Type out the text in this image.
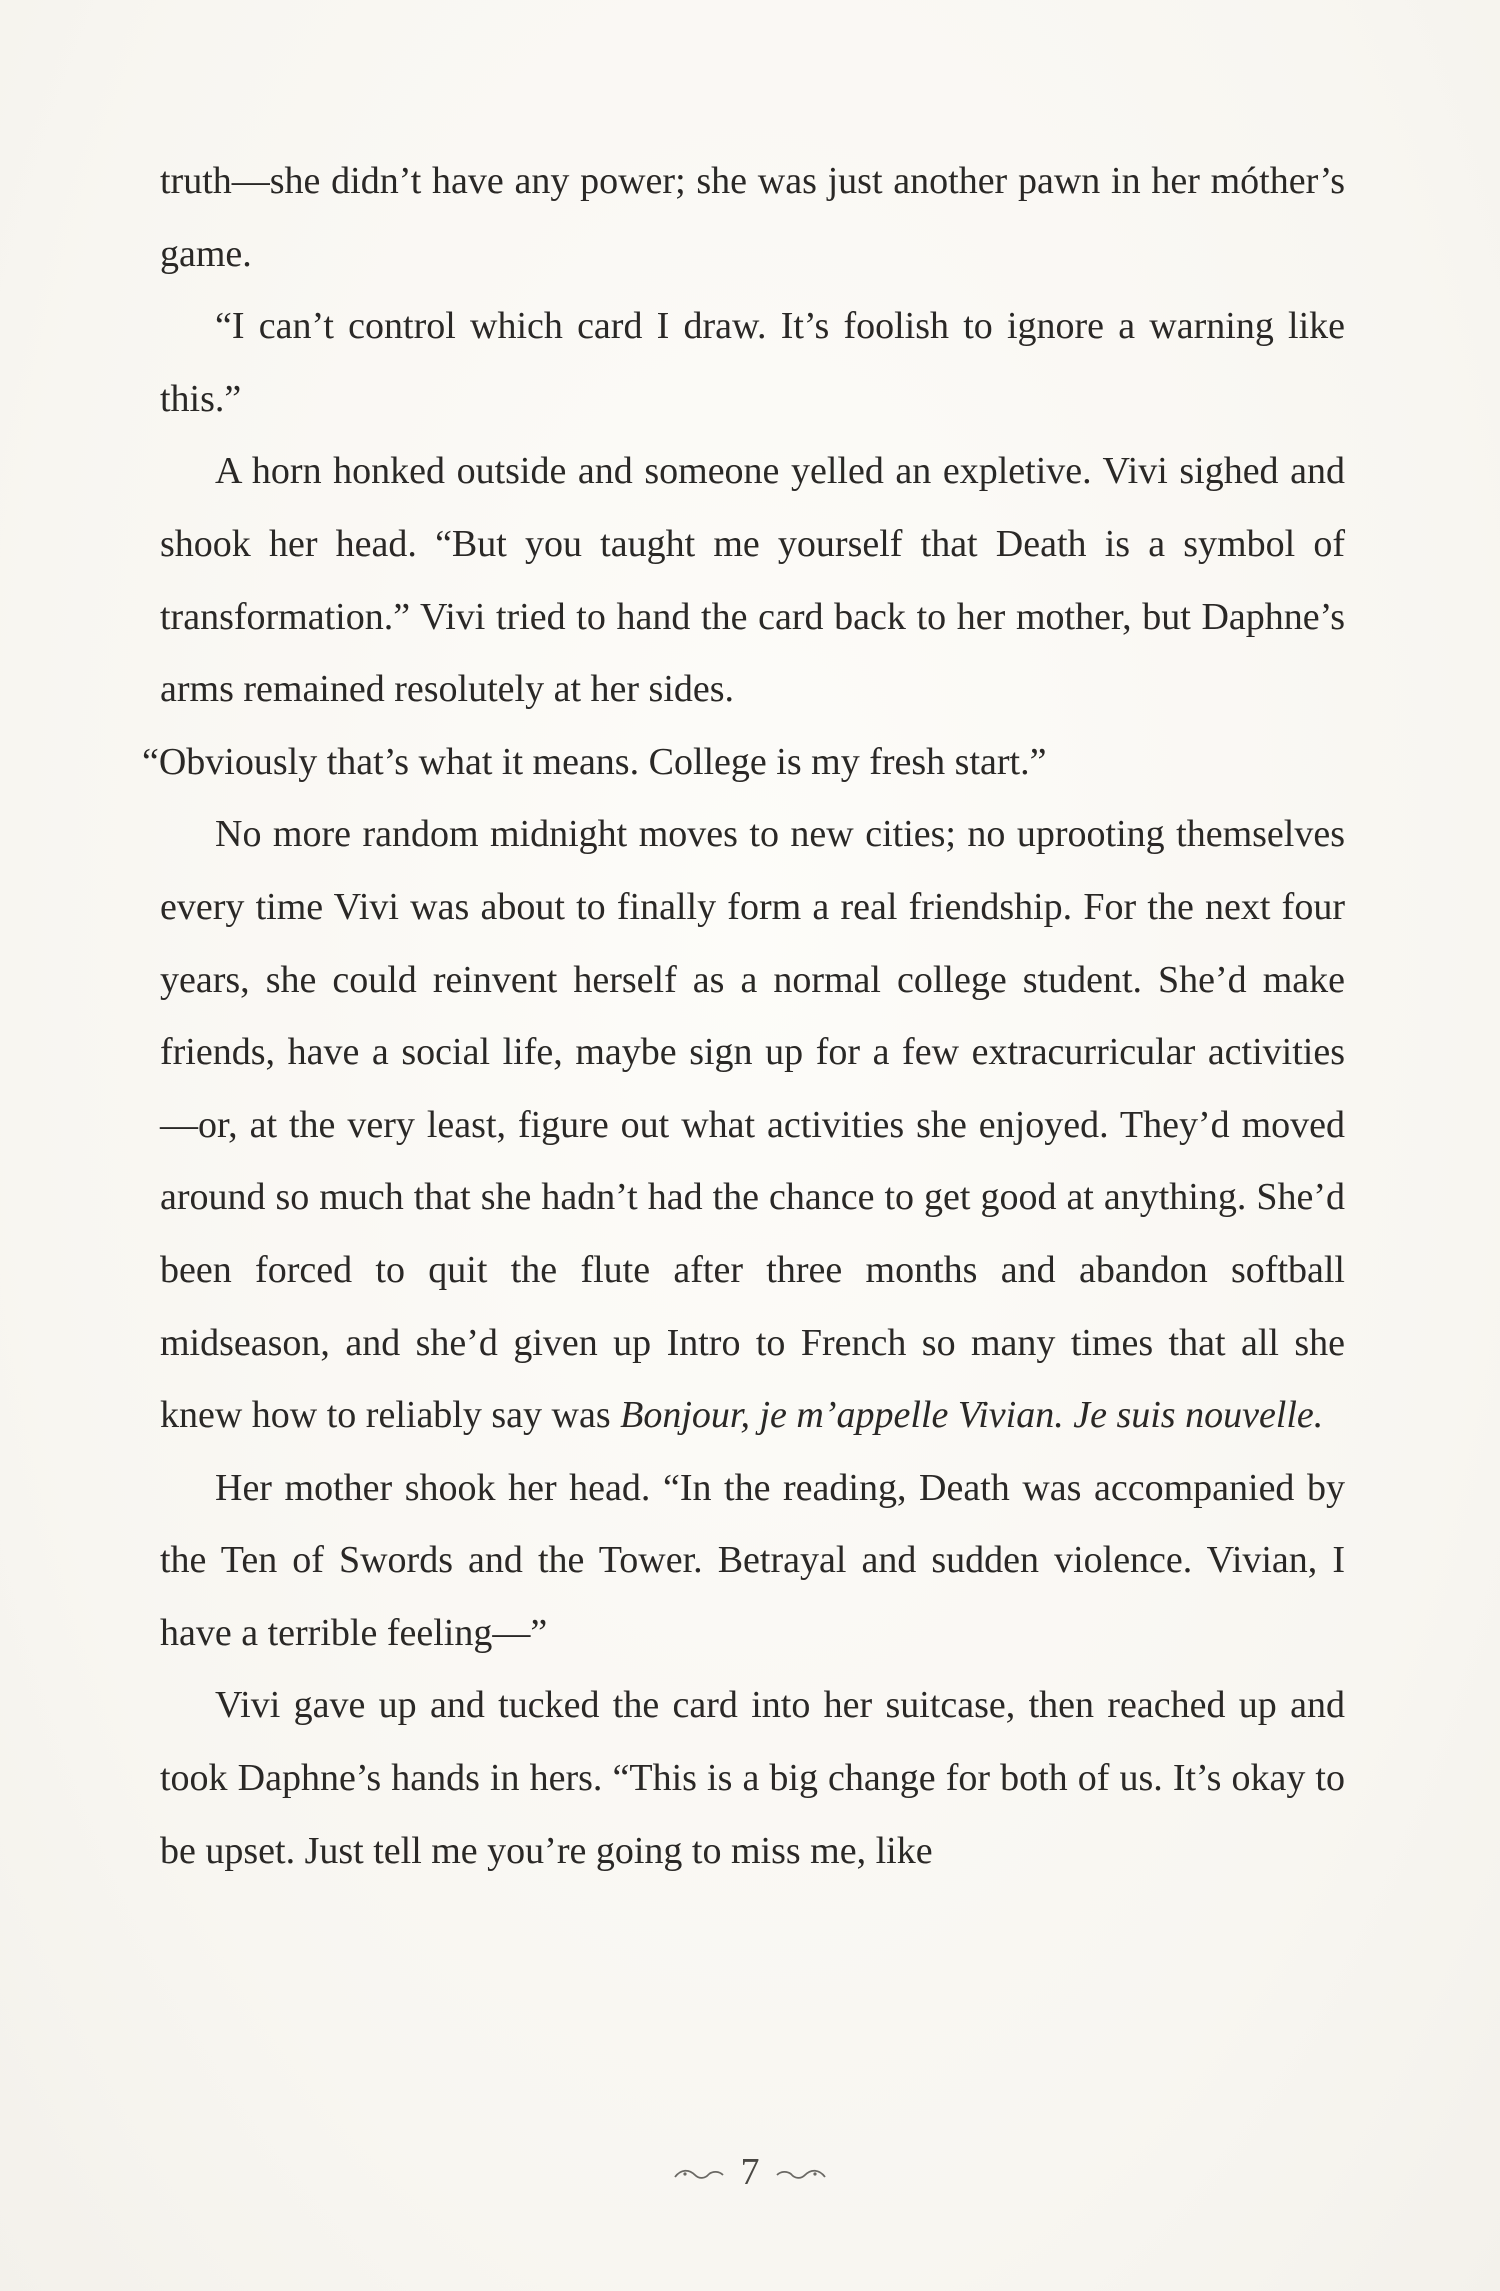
truth—she didn’t have any power; she was just another pawn in her móther’s game.

“I can’t control which card I draw. It’s foolish to ignore a warning like this.”

A horn honked outside and someone yelled an expletive. Vivi sighed and shook her head. “But you taught me yourself that Death is a symbol of transformation.” Vivi tried to hand the card back to her mother, but Daphne’s arms remained resolutely at her sides.

“Obviously that’s what it means. College is my fresh start.”

No more random midnight moves to new cities; no uprooting themselves every time Vivi was about to finally form a real friendship. For the next four years, she could reinvent herself as a normal college student. She’d make friends, have a social life, maybe sign up for a few extracurricular activities—or, at the very least, figure out what activities she enjoyed. They’d moved around so much that she hadn’t had the chance to get good at anything. She’d been forced to quit the flute after three months and abandon softball midseason, and she’d given up Intro to French so many times that all she knew how to reliably say was Bonjour, je m’appelle Vivian. Je suis nouvelle.

Her mother shook her head. “In the reading, Death was accompanied by the Ten of Swords and the Tower. Betrayal and sudden violence. Vivian, I have a terrible feeling—”

Vivi gave up and tucked the card into her suitcase, then reached up and took Daphne’s hands in hers. “This is a big change for both of us. It’s okay to be upset. Just tell me you’re going to miss me, like

7
